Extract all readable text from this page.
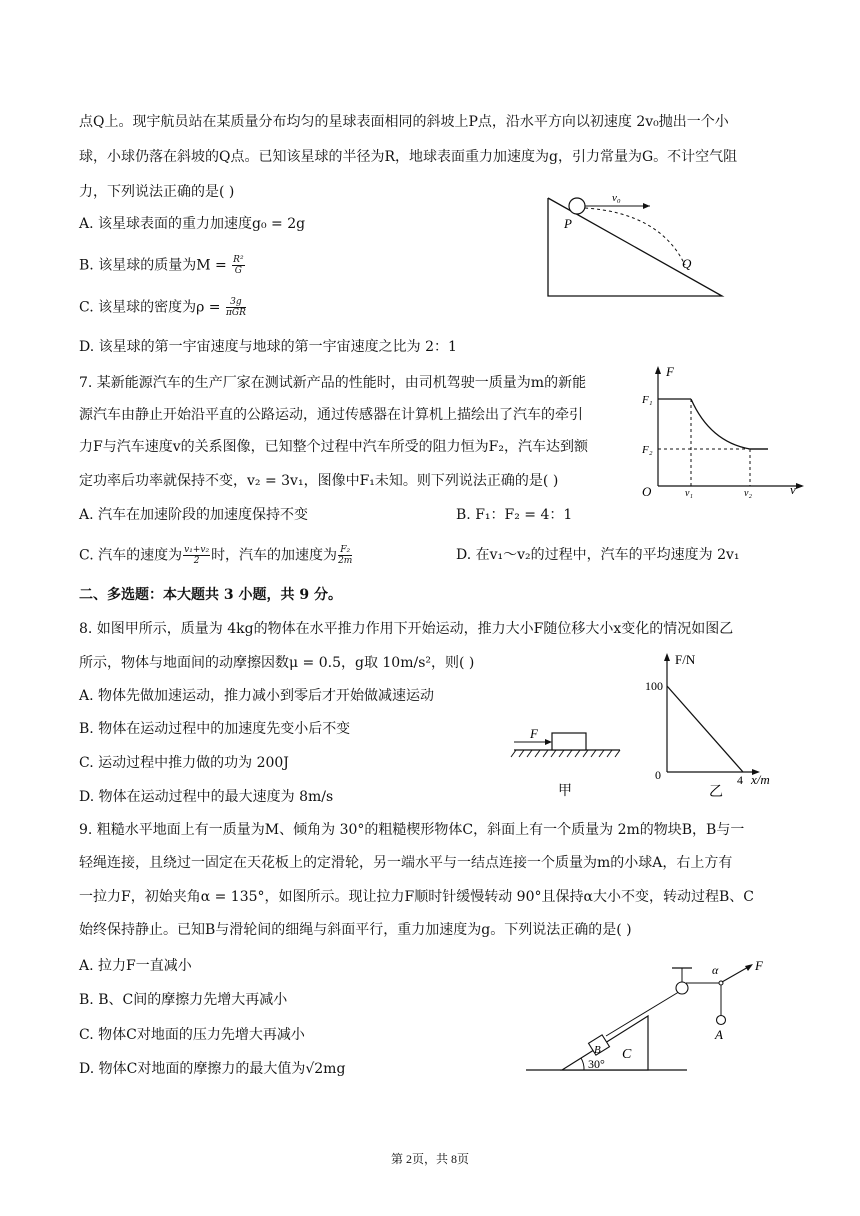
点Q上。现宇航员站在某质量分布均匀的星球表面相同的斜坡上P点，沿水平方向以初速度 2v₀抛出一个小
球，小球仍落在斜坡的Q点。已知该星球的半径为R，地球表面重力加速度为g，引力常量为G。不计空气阻
力，下列说法正确的是( )
A. 该星球表面的重力加速度g₀ = 2g
B. 该星球的质量为$M = \frac{\text{R²}}{G}$
C. 该星球的密度为$\rho = \frac{3g}{\text{πGR}}$
D. 该星球的第一宇宙速度与地球的第一宇宙速度之比为 2：1
v₀
P
Q
7. 某新能源汽车的生产厂家在测试新产品的性能时，由司机驾驶一质量为m的新能
源汽车由静止开始沿平直的公路运动，通过传感器在计算机上描绘出了汽车的牵引
力F与汽车速度v的关系图像，已知整个过程中汽车所受的阻力恒为F₂，汽车达到额
定功率后功率就保持不变，v₂ = 3v₁，图像中F₁未知。则下列说法正确的是( )
A. 汽车在加速阶段的加速度保持不变	B. F₁：F₂ = 4：1
C. 汽车的速度为 $\frac{\text{v₁+v₂}}{2}$ 时，汽车的加速度为 $\frac{\text{F₂}}{2m}$	D. 在v₁～v₂的过程中，汽车的平均速度为 2v₁
F
v
O
F₁
F₂
v₁	v₂
二、多选题：本大题共 3 小题，共 9 分。
8. 如图甲所示，质量为 4kg的物体在水平推力作用下开始运动，推力大小F随位移大小x变化的情况如图乙
所示，物体与地面间的动摩擦因数μ = 0.5，g取 10m/s²，则( )
A. 物体先做加速运动，推力减小到零后才开始做减速运动
B. 物体在运动过程中的加速度先变小后不变
C. 运动过程中推力做的功为 200J
D. 物体在运动过程中的最大速度为 8m/s
F
甲
F/N
100
0	4 x/m
乙
9. 粗糙水平地面上有一质量为M、倾角为 30°的粗糙楔形物体C，斜面上有一个质量为 2m的物块B，B与一
轻绳连接，且绕过一固定在天花板上的定滑轮，另一端水平与一结点连接一个质量为m的小球A，右上方有
一拉力F，初始夹角α = 135°，如图所示。现让拉力F顺时针缓慢转动 90°且保持α大小不变，转动过程B、C
始终保持静止。已知B与滑轮间的细绳与斜面平行，重力加速度为g。下列说法正确的是( )
A. 拉力F一直减小
B. B、C间的摩擦力先增大再减小
C. 物体C对地面的压力先增大再减小
D. 物体C对地面的摩擦力的最大值为√2mg	30°
C
B
A
α	F
第 2页，共 8页
